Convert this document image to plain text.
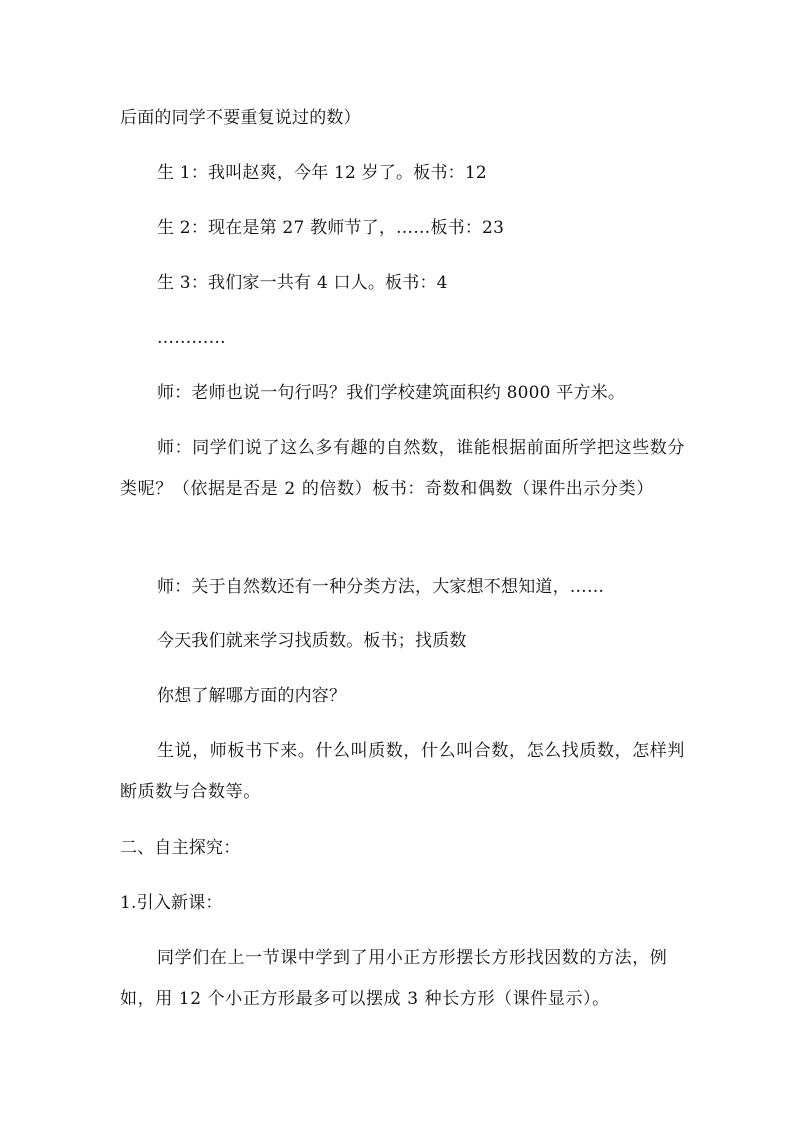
后面的同学不要重复说过的数）
生 1：我叫赵爽，今年 12 岁了。板书：12
生 2：现在是第 27 教师节了，……板书：23
生 3：我们家一共有 4 口人。板书：4
…………
师：老师也说一句行吗？我们学校建筑面积约 8000 平方米。
师：同学们说了这么多有趣的自然数，谁能根据前面所学把这些数分类呢？（依据是否是 2 的倍数）板书：奇数和偶数（课件出示分类）
师：关于自然数还有一种分类方法，大家想不想知道，……
今天我们就来学习找质数。板书；找质数
你想了解哪方面的内容？
生说，师板书下来。什么叫质数，什么叫合数，怎么找质数，怎样判断质数与合数等。
二、自主探究：
1.引入新课：
同学们在上一节课中学到了用小正方形摆长方形找因数的方法，例如，用 12 个小正方形最多可以摆成 3 种长方形（课件显示）。
